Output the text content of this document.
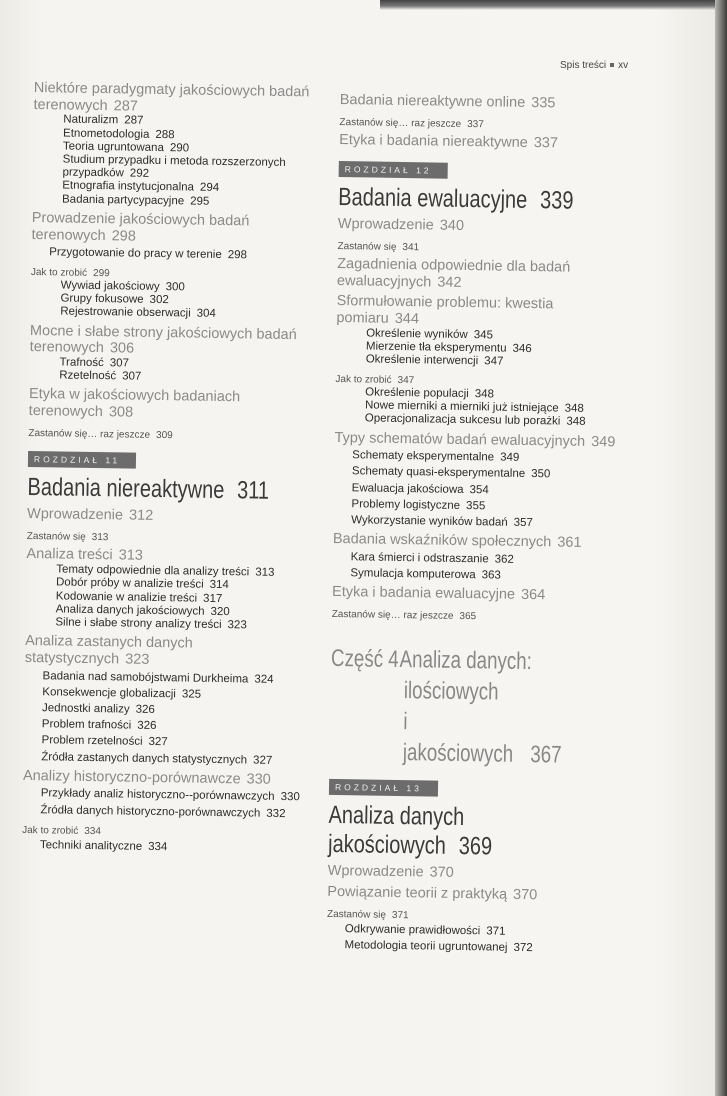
Spis treści xv
Niektóre paradygmaty jakościowych badań terenowych 287
Naturalizm 287
Etnometodologia 288
Teoria ugruntowana 290
Studium przypadku i metoda rozszerzonych przypadków 292
Etnografia instytucjonalna 294
Badania partycypacyjne 295
Prowadzenie jakościowych badań terenowych 298
Przygotowanie do pracy w terenie 298
Jak to zrobić 299
Wywiad jakościowy 300
Grupy fokusowe 302
Rejestrowanie obserwacji 304
Mocne i słabe strony jakościowych badań terenowych 306
Trafność 307
Rzetelność 307
Etyka w jakościowych badaniach terenowych 308
Zastanów się… raz jeszcze 309
ROZDZIAŁ 11
Badania niereaktywne 311
Wprowadzenie 312
Zastanów się 313
Analiza treści 313
Tematy odpowiednie dla analizy treści 313
Dobór próby w analizie treści 314
Kodowanie w analizie treści 317
Analiza danych jakościowych 320
Silne i słabe strony analizy treści 323
Analiza zastanych danych statystycznych 323
Badania nad samobójstwami Durkheima 324
Konsekwencje globalizacji 325
Jednostki analizy 326
Problem trafności 326
Problem rzetelności 327
Źródła zastanych danych statystycznych 327
Analizy historyczno-porównawcze 330
Przykłady analiz historyczno--porównawczych 330
Źródła danych historyczno-porównawczych 332
Jak to zrobić 334
Techniki analityczne 334
Badania niereaktywne online 335
Zastanów się… raz jeszcze 337
Etyka i badania niereaktywne 337
ROZDZIAŁ 12
Badania ewaluacyjne 339
Wprowadzenie 340
Zastanów się 341
Zagadnienia odpowiednie dla badań ewaluacyjnych 342
Sformułowanie problemu: kwestia pomiaru 344
Określenie wyników 345
Mierzenie tła eksperymentu 346
Określenie interwencji 347
Jak to zrobić 347
Określenie populacji 348
Nowe mierniki a mierniki już istniejące 348
Operacjonalizacja sukcesu lub porażki 348
Typy schematów badań ewaluacyjnych 349
Schematy eksperymentalne 349
Schematy quasi-eksperymentalne 350
Ewaluacja jakościowa 354
Problemy logistyczne 355
Wykorzystanie wyników badań 357
Badania wskaźników społecznych 361
Kara śmierci i odstraszanie 362
Symulacja komputerowa 363
Etyka i badania ewaluacyjne 364
Zastanów się… raz jeszcze 365
Część 4Analiza danych:
ilościowych
i jakościowych 367
ROZDZIAŁ 13
Analiza danych
jakościowych 369
Wprowadzenie 370
Powiązanie teorii z praktyką 370
Zastanów się 371
Odkrywanie prawidłowości 371
Metodologia teorii ugruntowanej 372
